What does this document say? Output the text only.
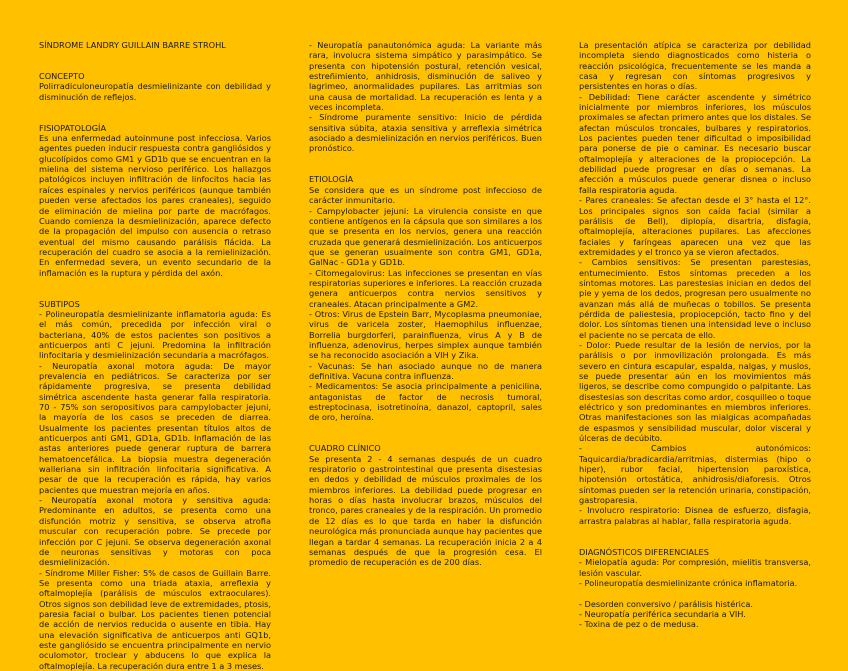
SÍNDROME LANDRY GUILLAIN BARRE STROHL

CONCEPTO

Polirradiculoneuropatía desmielinizante con debilidad y disminución de reflejos.

FISIOPATOLOGÍA

Es una enfermedad autoinmune post infecciosa. Varios agentes pueden inducir respuesta contra gangliósidos y glucolípidos como GM1 y GD1b que se encuentran en la mielina del sistema nervioso periférico. Los hallazgos patológicos incluyen infiltración de linfocitos hacia las raíces espinales y nervios periféricos (aunque también pueden verse afectados los pares craneales), seguido de eliminación de mielina por parte de macrófagos. Cuando comienza la desmielinización, aparece defecto de la propagación del impulso con ausencia o retraso eventual del mismo causando parálisis flácida. La recuperación del cuadro se asocia a la remielinización. En enfermedad severa, un evento secundario de la inflamación es la ruptura y pérdida del axón.

SUBTIPOS

- Polineuropatía desmielinizante inflamatoria aguda: Es el más común, precedida por infección viral o bacteriana, 40% de estos pacientes son positivos a anticuerpos anti C jejuni. Predomina la infiltración linfocitaria y desmielinización secundaria a macrófagos.

- Neuropatía axonal motora aguda: De mayor prevalencia en pediátricos. Se caracteriza por ser rápidamente progresiva, se presenta debilidad simétrica ascendente hasta generar falla respiratoria. 70 - 75% son seropositivos para campylobacter jejuni, la mayoría de los casos se preceden de diarrea. Usualmente los pacientes presentan títulos altos de anticuerpos anti GM1, GD1a, GD1b. Inflamación de las astas anteriores puede generar ruptura de barrera hematoencefálica. La biopsia muestra degeneración walleriana sin infiltración linfocitaria significativa. A pesar de que la recuperación es rápida, hay varios pacientes que muestran mejoría en años.

- Neuropatía axonal motora y sensitiva aguda: Predominante en adultos, se presenta como una disfunción motriz y sensitiva, se observa atrofia muscular con recuperación pobre. Se precede por infección por C jejuni. Se observa degeneración axonal de neuronas sensitivas y motoras con poca desmielinización.

- Síndrome Miller Fisher: 5% de casos de Guillain Barre. Se presenta como una triada ataxia, arreflexia y oftalmoplejía (parálisis de músculos extraoculares). Otros signos son debilidad leve de extremidades, ptosis, paresia facial o bulbar. Los pacientes tienen potencial de acción de nervios reducida o ausente en tibia. Hay una elevación significativa de anticuerpos anti GQ1b, este gangliósido se encuentra principalmente en nervio oculomotor, troclear y abducens lo que explica la oftalmoplejía. La recuperación dura entre 1 a 3 meses.

- Neuropatía panautonómica aguda: La variante más rara, involucra sistema simpático y parasimpático. Se presenta con hipotensión postural, retención vesical, estreñimiento, anhidrosis, disminución de saliveo y lagrimeo, anormalidades pupilares. Las arritmias son una causa de mortalidad. La recuperación es lenta y a veces incompleta.

- Síndrome puramente sensitivo: Inicio de pérdida sensitiva súbita, ataxia sensitiva y arreflexia simétrica asociado a desmielinización en nervios periféricos. Buen pronóstico.

ETIOLOGÍA

Se considera que es un síndrome post infeccioso de carácter inmunitario.

- Campylobacter jejuni: La virulencia consiste en que contiene antígenos en la cápsula que son similares a los que se presenta en los nervios, genera una reacción cruzada que generará desmielinización. Los anticuerpos que se generan usualmente son contra GM1, GD1a, GalNac - GD1a y GD1b.

- Citomegalovirus: Las infecciones se presentan en vías respiratorias superiores e inferiores. La reacción cruzada genera anticuerpos contra nervios sensitivos y craneales. Atacan principalmente a GM2.

- Otros: Virus de Epstein Barr, Mycoplasma pneumoniae, virus de varicela zoster, Haemophilus influenzae, Borrelia burgdorferi, parainfluenza, virus A y B de influenza, adenovirus, herpes simplex aunque también se ha reconocido asociación a VIH y Zika.

- Vacunas: Se han asociado aunque no de manera definitiva. Vacuna contra influenza.

- Medicamentos: Se asocia principalmente a penicilina, antagonistas de factor de necrosis tumoral, estreptocinasa, isotretinoína, danazol, captopril, sales de oro, heroína.

CUADRO CLÍNICO

Se presenta 2 - 4 semanas después de un cuadro respiratorio o gastrointestinal que presenta disestesias en dedos y debilidad de músculos proximales de los miembros inferiores. La debilidad puede progresar en horas o días hasta involucrar brazos, músculos del tronco, pares craneales y de la respiración. Un promedio de 12 días es lo que tarda en haber la disfunción neurológica más pronunciada aunque hay pacientes que llegan a tardar 4 semanas. La recuperación inicia 2 a 4 semanas después de que la progresión cesa. El promedio de recuperación es de 200 días.

La presentación atípica se caracteriza por debilidad incompleta siendo diagnosticados como histeria o reacción psicológica, frecuentemente se les manda a casa y regresan con síntomas progresivos y persistentes en horas o días.

- Debilidad: Tiene carácter ascendente y simétrico inicialmente por miembros inferiores, los músculos proximales se afectan primero antes que los distales. Se afectan músculos troncales, bulbares y respiratorios. Los pacientes pueden tener dificultad o imposibilidad para ponerse de pie o caminar. Es necesario buscar oftalmoplejía y alteraciones de la propiocepción. La debilidad puede progresar en días o semanas. La afección a músculos puede generar disnea o incluso falla respiratoria aguda.

- Pares craneales: Se afectan desde el 3° hasta el 12°. Los principales signos son caída facial (similar a parálisis de Bell), diplopía, disartria, disfagia, oftalmoplejía, alteraciones pupilares. Las afecciones faciales y faríngeas aparecen una vez que las extremidades y el tronco ya se vieron afectados.

- Cambios sensitivos: Se presentan parestesias, entumecimiento. Estos síntomas preceden a los síntomas motores. Las parestesias inician en dedos del pie y yema de los dedos, progresan pero usualmente no avanzan más allá de muñecas o tobillos. Se presenta pérdida de paliestesia, propiocepción, tacto fino y del dolor. Los síntomas tienen una intensidad leve o incluso el paciente no se percata de ello.

- Dolor: Puede resultar de la lesión de nervios, por la parálisis o por inmovilización prolongada. Es más severo en cintura escapular, espalda, nalgas, y muslos, se puede presentar aún en los movimientos más ligeros, se describe como compungido o palpitante. Las disestesias son descritas como ardor, cosquilleo o toque eléctrico y son predominantes en miembros inferiores. Otras manifestaciones son las mialgicas acompañadas de espasmos y sensibilidad muscular, dolor visceral y úlceras de decúbito.

- Cambios autonómicos: Taquicardia/bradicardia/arritmias, distermias (hipo o hiper), rubor facial, hipertension paroxística, hipotensión ortostática, anhidrosis/diaforesis. Otros síntomas pueden ser la retención urinaria, constipación, gastroparesia.

- Involucro respiratorio: Disnea de esfuerzo, disfagia, arrastra palabras al hablar, falla respiratoria aguda.

DIAGNÓSTICOS DIFERENCIALES

- Mielopatía aguda: Por compresión, mielitis transversa, lesión vascular.

- Polineuropatía desmielinizante crónica inflamatoria.

- Desorden conversivo / parálisis histérica.

- Neuropatía periférica secundaria a VIH.

- Toxina de pez o de medusa.
